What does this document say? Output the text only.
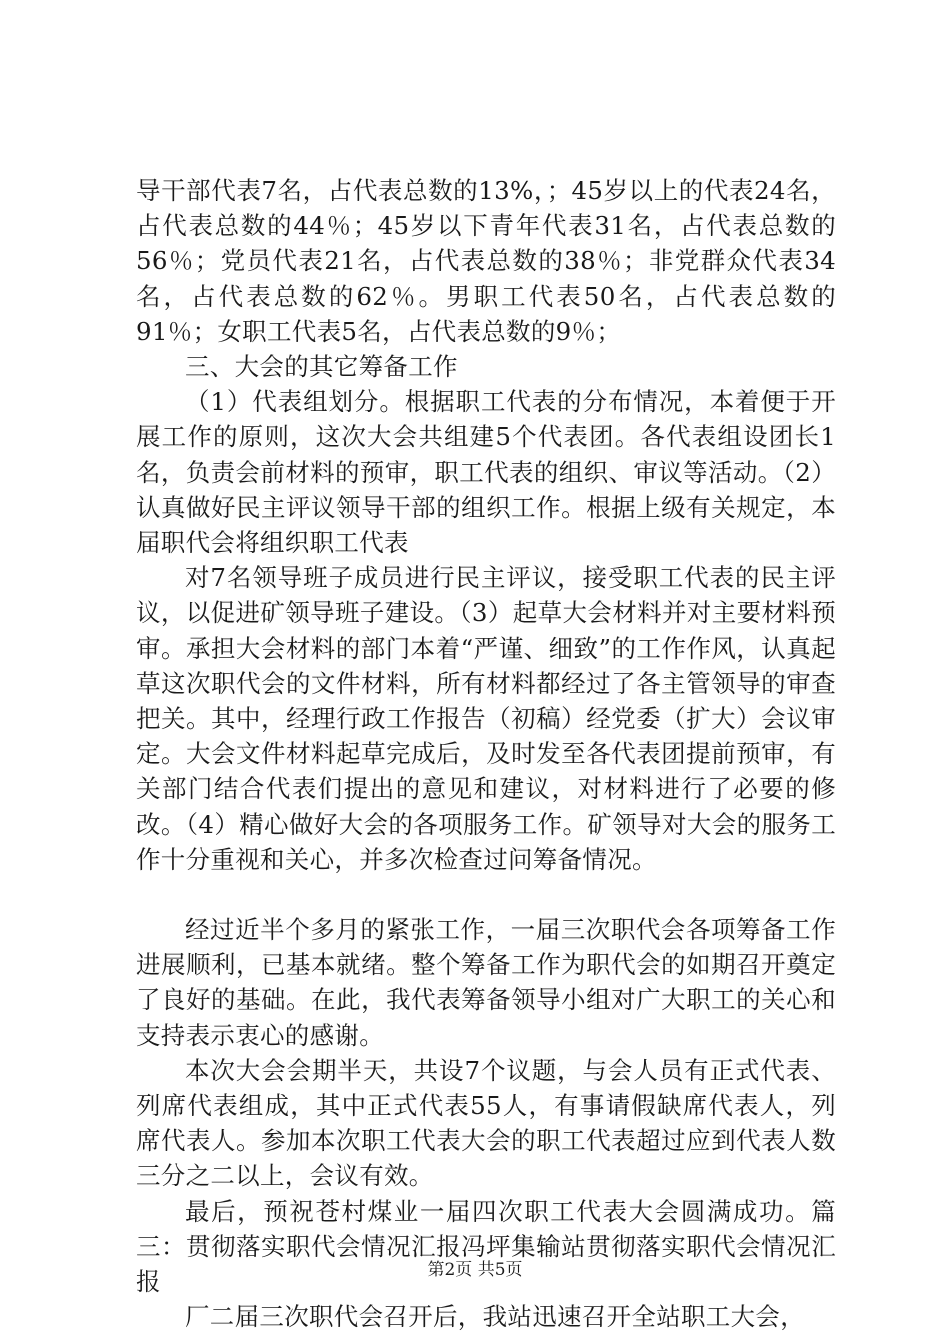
导干部代表7名，占代表总数的13%，；45岁以上的代表24名，占代表总数的44％；45岁以下青年代表31名，占代表总数的56％；党员代表21名，占代表总数的38％；非党群众代表34名，占代表总数的62％。男职工代表50名，占代表总数的91％；女职工代表5名，占代表总数的9％；

三、大会的其它筹备工作

（1）代表组划分。根据职工代表的分布情况，本着便于开展工作的原则，这次大会共组建5个代表团。各代表组设团长1名，负责会前材料的预审，职工代表的组织、审议等活动。（2）认真做好民主评议领导干部的组织工作。根据上级有关规定，本届职代会将组织职工代表

对7名领导班子成员进行民主评议，接受职工代表的民主评议，以促进矿领导班子建设。（3）起草大会材料并对主要材料预审。承担大会材料的部门本着“严谨、细致”的工作作风，认真起草这次职代会的文件材料，所有材料都经过了各主管领导的审查把关。其中，经理行政工作报告（初稿）经党委（扩大）会议审定。大会文件材料起草完成后，及时发至各代表团提前预审，有关部门结合代表们提出的意见和建议，对材料进行了必要的修改。（4）精心做好大会的各项服务工作。矿领导对大会的服务工作十分重视和关心，并多次检查过问筹备情况。

经过近半个多月的紧张工作，一届三次职代会各项筹备工作进展顺利，已基本就绪。整个筹备工作为职代会的如期召开奠定了良好的基础。在此，我代表筹备领导小组对广大职工的关心和支持表示衷心的感谢。

本次大会会期半天，共设7个议题，与会人员有正式代表、列席代表组成，其中正式代表55人，有事请假缺席代表人，列席代表人。参加本次职工代表大会的职工代表超过应到代表人数三分之二以上，会议有效。

最后，预祝苍村煤业一届四次职工代表大会圆满成功。篇三：贯彻落实职代会情况汇报冯坪集输站贯彻落实职代会情况汇报

厂二届三次职代会召开后，我站迅速召开全站职工大会，

第2页 共5页
